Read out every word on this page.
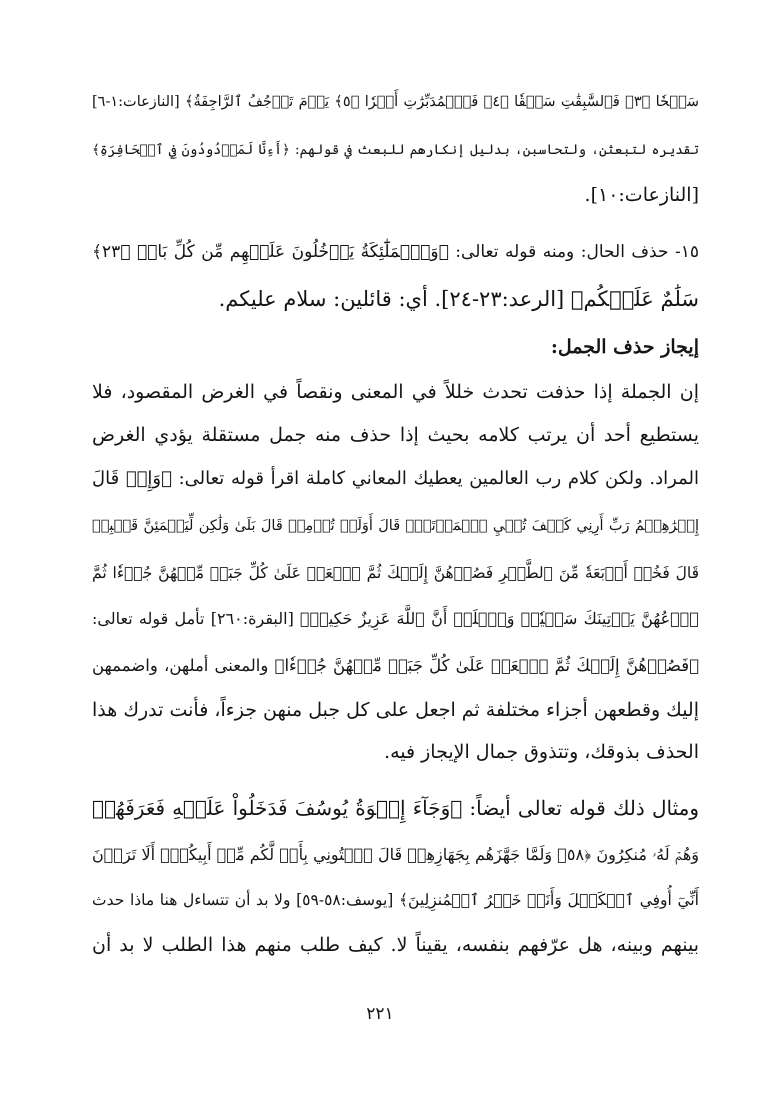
سَبۡحٗا ﴿٣﴾ فَٱلسَّٰبِقَٰتِ سَبۡقٗا ﴿٤﴾ فَٱلۡمُدَبِّرَٰتِ أَمۡرٗا ﴿٥﴾ يَوۡمَ تَرۡجُفُ ٱلرَّاجِفَةُ﴾ [النازعات:١-٦]
تقديره لتبعثن، ولتحاسبن، بدليل إنكارهم للبعث في قولهم: ﴿أَءِنَّا لَمَرۡدُودُونَ فِي ٱلۡحَافِرَةِ﴾
[النازعات:١٠].
١٥- حذف الحال: ومنه قوله تعالى: ﴿وَٱلۡمَلَٰٓئِكَةُ يَدۡخُلُونَ عَلَيۡهِم مِّن كُلِّ بَابٖ ﴿٢٣﴾
سَلَٰمٌ عَلَيۡكُم﴾ [الرعد:٢٣-٢٤]. أي: قائلين: سلام عليكم.
إيجاز حذف الجمل:
إن الجملة إذا حذفت تحدث خللاً في المعنى ونقصاً في الغرض المقصود، فلا
يستطيع أحد أن يرتب كلامه بحيث إذا حذف منه جمل مستقلة يؤدي الغرض
المراد. ولكن كلام رب العالمين يعطيك المعاني كاملة اقرأ قوله تعالى: ﴿وَإِذۡ قَالَ
إِبۡرَٰهِـۧمُ رَبِّ أَرِنِي كَيۡفَ تُحۡيِ ٱلۡمَوۡتَىٰۖ قَالَ أَوَلَمۡ تُؤۡمِنۖ قَالَ بَلَىٰ وَلَٰكِن لِّيَطۡمَئِنَّ قَلۡبِيۖ
قَالَ فَخُذۡ أَرۡبَعَةٗ مِّنَ ٱلطَّيۡرِ فَصُرۡهُنَّ إِلَيۡكَ ثُمَّ ٱجۡعَلۡ عَلَىٰ كُلِّ جَبَلٖ مِّنۡهُنَّ جُزۡءٗا ثُمَّ
ٱدۡعُهُنَّ يَأۡتِينَكَ سَعۡيٗاۚ وَٱعۡلَمۡ أَنَّ ٱللَّهَ عَزِيزٌ حَكِيمٞ﴾ [البقرة:٢٦٠] تأمل قوله تعالى:
﴿فَصُرۡهُنَّ إِلَيۡكَ ثُمَّ ٱجۡعَلۡ عَلَىٰ كُلِّ جَبَلٖ مِّنۡهُنَّ جُزۡءٗا﴾ والمعنى أملهن، واضممهن
إليك وقطعهن أجزاء مختلفة ثم اجعل على كل جبل منهن جزءاً، فأنت تدرك هذا
الحذف بذوقك، وتتذوق جمال الإيجاز فيه.
ومثال ذلك قوله تعالى أيضاً: ﴿وَجَآءَ إِخۡوَةُ يُوسُفَ فَدَخَلُواْ عَلَيۡهِ فَعَرَفَهُمۡ
وَهُمۡ لَهُۥ مُنكِرُونَ ﴿٥٨﴾ وَلَمَّا جَهَّزَهُم بِجَهَازِهِمۡ قَالَ ٱئۡتُونِي بِأَخٖ لَّكُم مِّنۡ أَبِيكُمۡۚ أَلَا تَرَوۡنَ
أَنِّيٓ أُوفِي ٱلۡكَيۡلَ وَأَنَا۠ خَيۡرُ ٱلۡمُنزِلِينَ﴾ [يوسف:٥٨-٥٩] ولا بد أن تتساءل هنا ماذا حدث
بينهم وبينه، هل عرّفهم بنفسه، يقيناً لا. كيف طلب منهم هذا الطلب لا بد أن
٢٢١
